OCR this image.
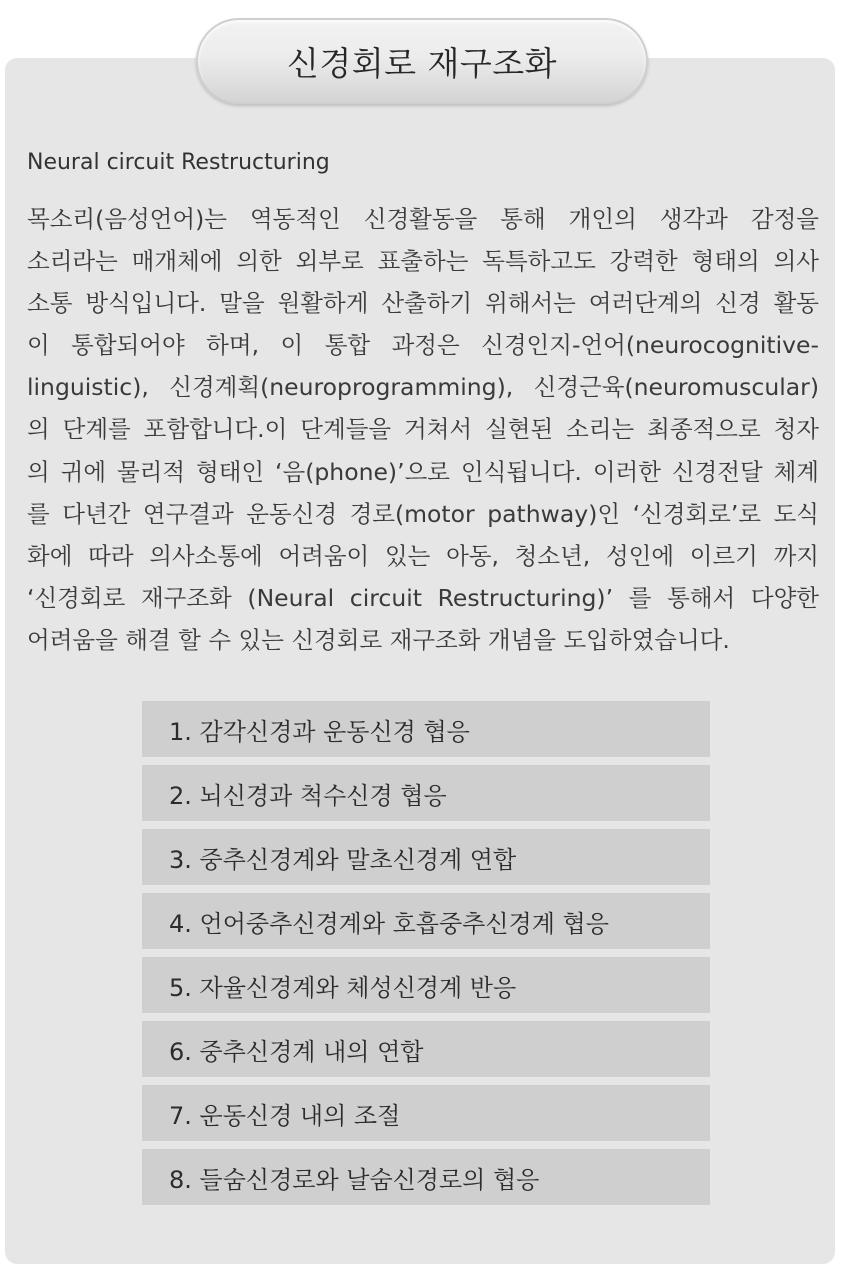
신경회로 재구조화
Neural circuit Restructuring
목소리(음성언어)는 역동적인 신경활동을 통해 개인의 생각과 감정을
소리라는 매개체에 의한 외부로 표출하는 독특하고도 강력한 형태의 의사
소통 방식입니다. 말을 원활하게 산출하기 위해서는 여러단계의 신경 활동
이 통합되어야 하며, 이 통합 과정은 신경인지-언어(neurocognitive-
linguistic), 신경계획(neuroprogramming), 신경근육(neuromuscular)
의 단계를 포함합니다.이 단계들을 거쳐서 실현된 소리는 최종적으로 청자
의 귀에 물리적 형태인 ‘음(phone)’으로 인식됩니다. 이러한 신경전달 체계
를 다년간 연구결과 운동신경 경로(motor pathway)인 ‘신경회로’로 도식
화에 따라 의사소통에 어려움이 있는 아동, 청소년, 성인에 이르기 까지
‘신경회로 재구조화 (Neural circuit Restructuring)’ 를 통해서 다양한
어려움을 해결 할 수 있는 신경회로 재구조화 개념을 도입하였습니다.
1. 감각신경과 운동신경 협응
2. 뇌신경과 척수신경 협응
3. 중추신경계와 말초신경계 연합
4. 언어중추신경계와 호흡중추신경계 협응
5. 자율신경계와 체성신경계 반응
6. 중추신경계 내의 연합
7. 운동신경 내의 조절
8. 들숨신경로와 날숨신경로의 협응
